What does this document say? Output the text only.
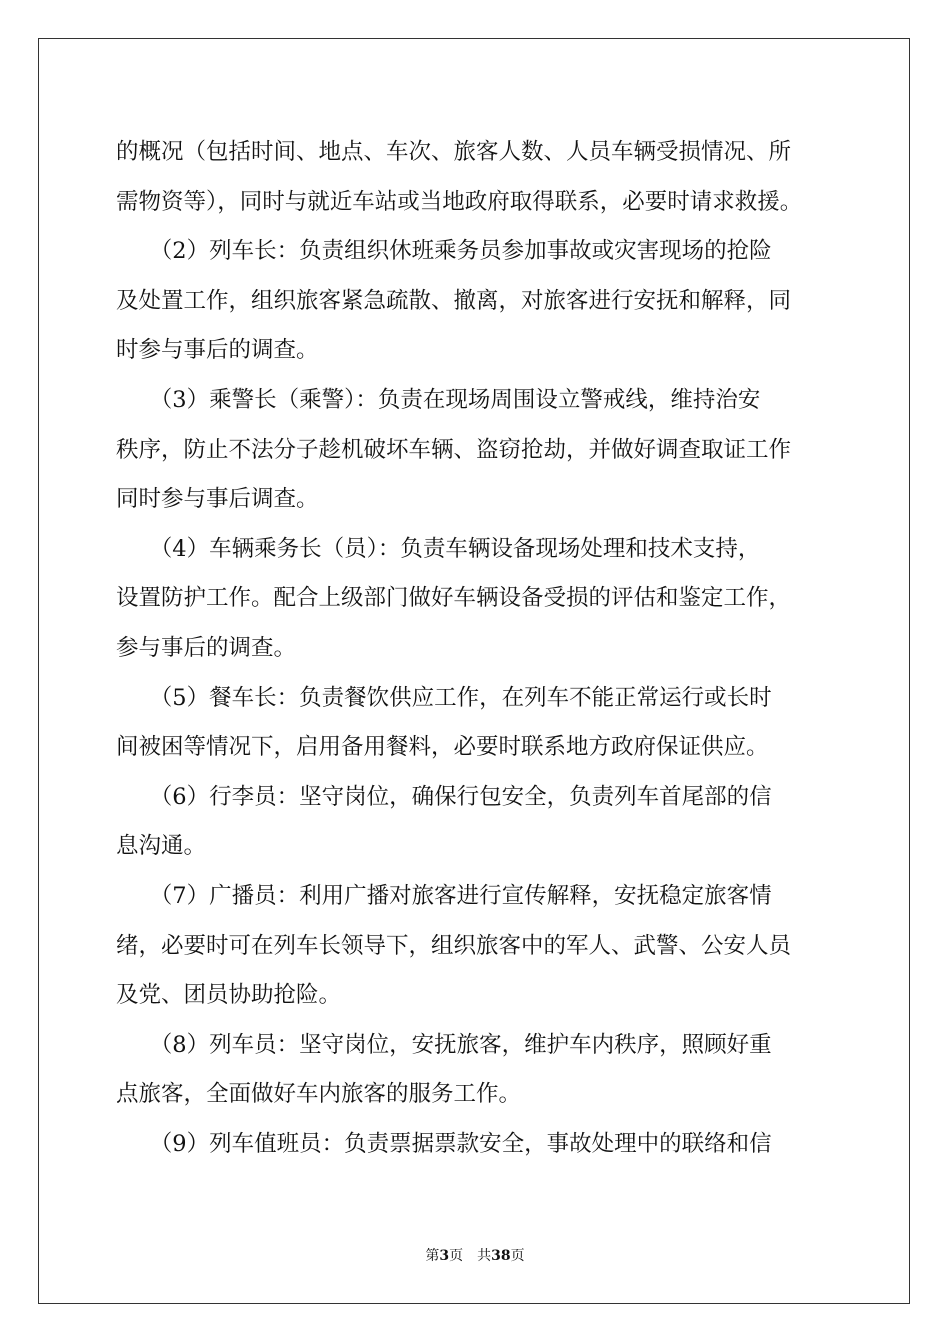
的概况（包括时间、地点、车次、旅客人数、人员车辆受损情况、所
需物资等），同时与就近车站或当地政府取得联系，必要时请求救援。
　　（2）列车长：负责组织休班乘务员参加事故或灾害现场的抢险
及处置工作，组织旅客紧急疏散、撤离，对旅客进行安抚和解释，同
时参与事后的调查。
　　（3）乘警长（乘警）：负责在现场周围设立警戒线，维持治安
秩序，防止不法分子趁机破坏车辆、盗窃抢劫，并做好调查取证工作
同时参与事后调查。
　　（4）车辆乘务长（员）：负责车辆设备现场处理和技术支持，
设置防护工作。配合上级部门做好车辆设备受损的评估和鉴定工作，
参与事后的调查。
　　（5）餐车长：负责餐饮供应工作，在列车不能正常运行或长时
间被困等情况下，启用备用餐料，必要时联系地方政府保证供应。
　　（6）行李员：坚守岗位，确保行包安全，负责列车首尾部的信
息沟通。
　　（7）广播员：利用广播对旅客进行宣传解释，安抚稳定旅客情
绪，必要时可在列车长领导下，组织旅客中的军人、武警、公安人员
及党、团员协助抢险。
　　（8）列车员：坚守岗位，安抚旅客，维护车内秩序，照顾好重
点旅客，全面做好车内旅客的服务工作。
　　（9）列车值班员：负责票据票款安全，事故处理中的联络和信
第3页　共38页
